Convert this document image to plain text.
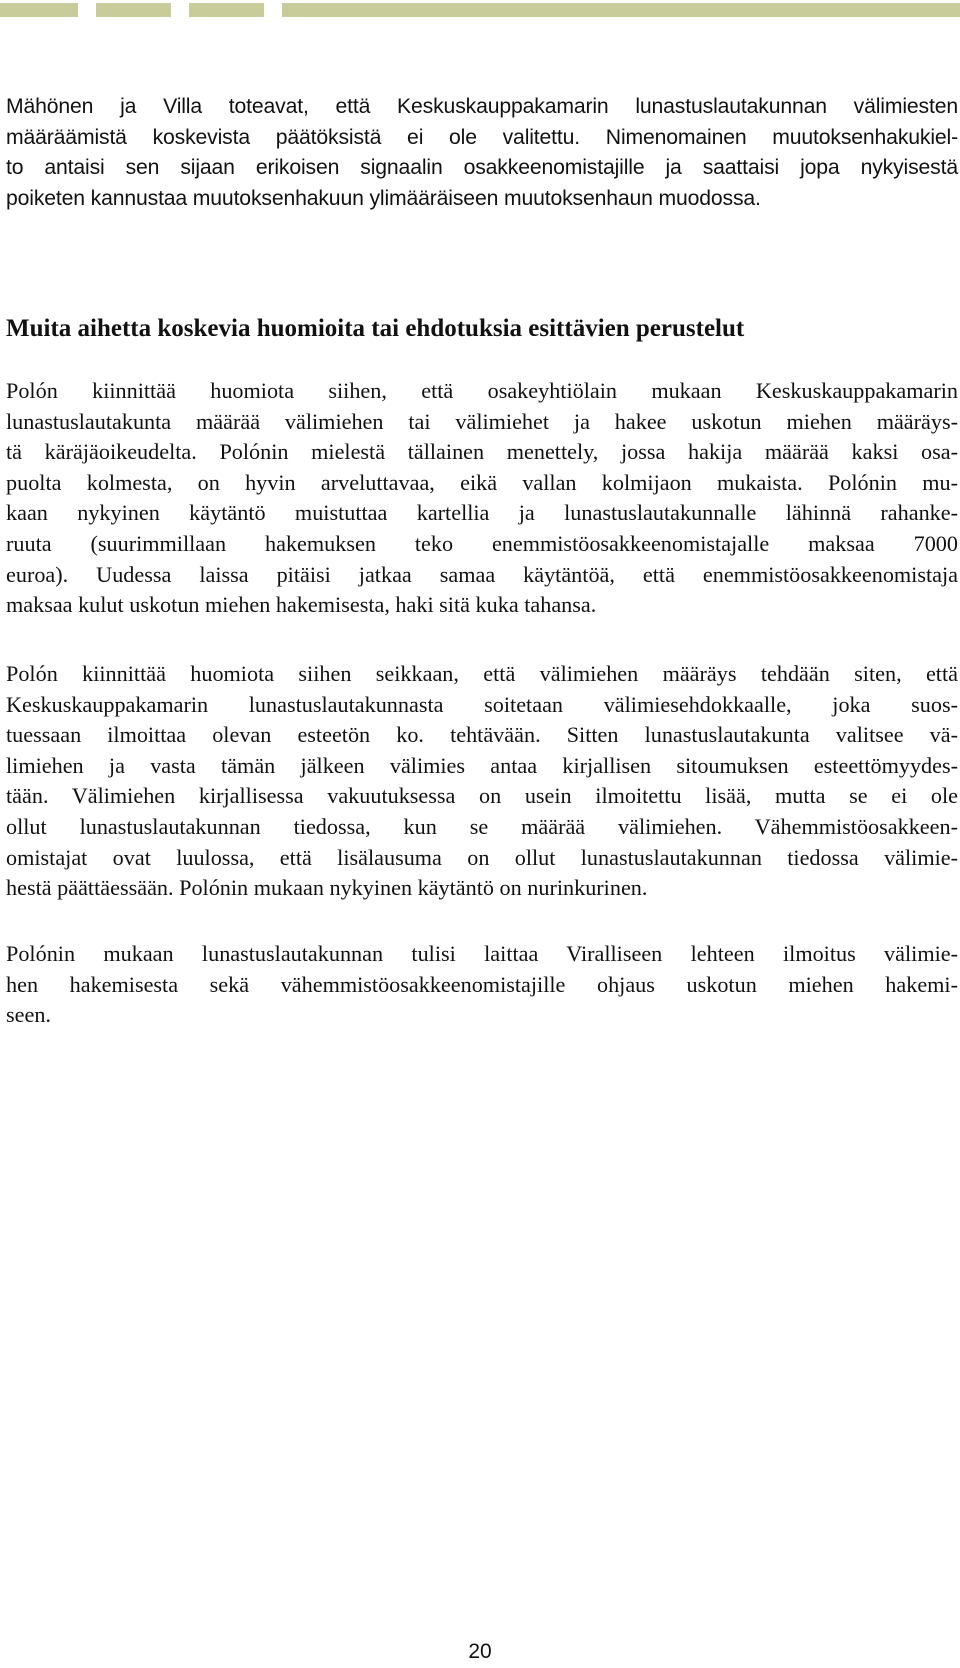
Mähönen ja Villa toteavat, että Keskuskauppakamarin lunastuslautakunnan välimiesten
määräämistä koskevista päätöksistä ei ole valitettu. Nimenomainen muutoksenhakukiel-
to antaisi sen sijaan erikoisen signaalin osakkeenomistajille ja saattaisi jopa nykyisestä
poiketen kannustaa muutoksenhakuun ylimääräiseen muutoksenhaun muodossa.

Muita aihetta koskevia huomioita tai ehdotuksia esittävien perustelut

Polón kiinnittää huomiota siihen, että osakeyhtiölain mukaan Keskuskauppakamarin
lunastuslautakunta määrää välimiehen tai välimiehet ja hakee uskotun miehen määräys-
tä käräjäoikeudelta. Polónin mielestä tällainen menettely, jossa hakija määrää kaksi osa-
puolta kolmesta, on hyvin arveluttavaa, eikä vallan kolmijaon mukaista. Polónin mu-
kaan nykyinen käytäntö muistuttaa kartellia ja lunastuslautakunnalle lähinnä rahanke-
ruuta (suurimmillaan hakemuksen teko enemmistöosakkeenomistajalle maksaa 7000
euroa). Uudessa laissa pitäisi jatkaa samaa käytäntöä, että enemmistöosakkeenomistaja
maksaa kulut uskotun miehen hakemisesta, haki sitä kuka tahansa.

Polón kiinnittää huomiota siihen seikkaan, että välimiehen määräys tehdään siten, että
Keskuskauppakamarin lunastuslautakunnasta soitetaan välimiesehdokkaalle, joka suos-
tuessaan ilmoittaa olevan esteetön ko. tehtävään. Sitten lunastuslautakunta valitsee vä-
limiehen ja vasta tämän jälkeen välimies antaa kirjallisen sitoumuksen esteettömyydes-
tään. Välimiehen kirjallisessa vakuutuksessa on usein ilmoitettu lisää, mutta se ei ole
ollut lunastuslautakunnan tiedossa, kun se määrää välimiehen. Vähemmistöosakkeen-
omistajat ovat luulossa, että lisälausuma on ollut lunastuslautakunnan tiedossa välimie-
hestä päättäessään. Polónin mukaan nykyinen käytäntö on nurinkurinen.

Polónin mukaan lunastuslautakunnan tulisi laittaa Viralliseen lehteen ilmoitus välimie-
hen hakemisesta sekä vähemmistöosakkeenomistajille ohjaus uskotun miehen hakemi-
seen.

20
